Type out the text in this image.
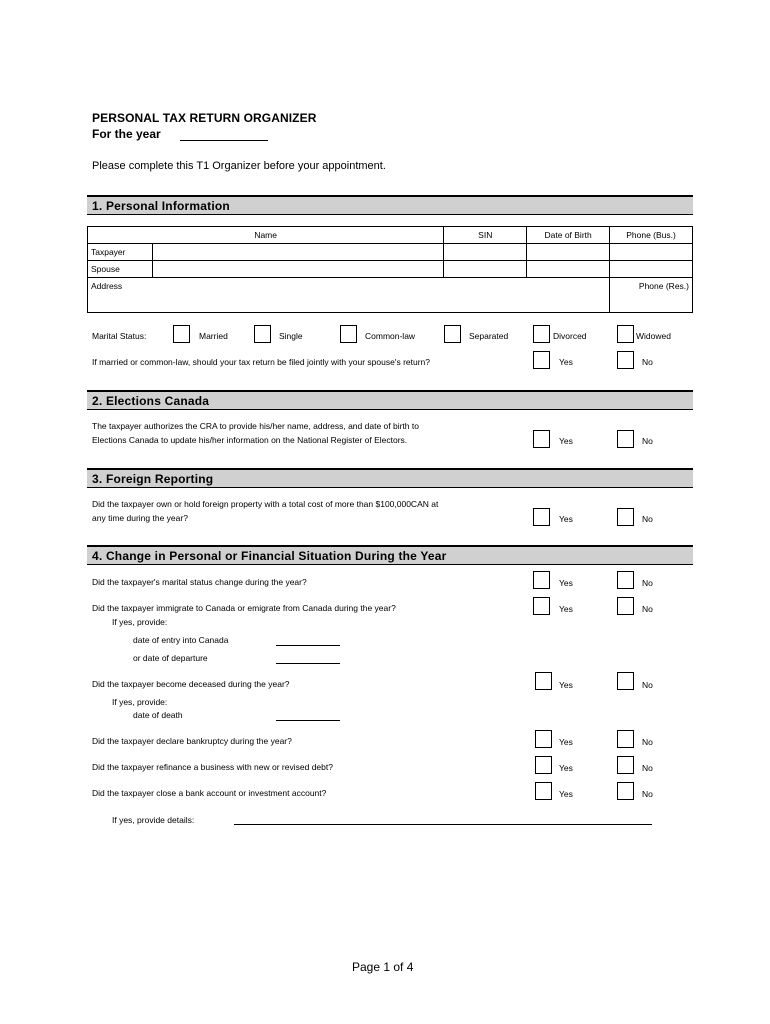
PERSONAL TAX RETURN ORGANIZER
For the year
Please complete this T1 Organizer before your appointment.
1. Personal Information
Name		SIN	Date of Birth	Phone (Bus.)
Taxpayer				
Spouse				
Address				Phone (Res.)
Marital Status:	Married	Single	Common-law	Separated	Divorced	Widowed
If married or common-law, should your tax return be filed jointly with your spouse's return?	Yes	No
2. Elections Canada
The taxpayer authorizes the CRA to provide his/her name, address, and date of birth to
Elections Canada to update his/her information on the National Register of Electors.	Yes	No
3. Foreign Reporting
Did the taxpayer own or hold foreign property with a total cost of more than $100,000CAN at
any time during the year?	Yes	No
4. Change in Personal or Financial Situation During the Year
Did the taxpayer's marital status change during the year?	Yes	No
Did the taxpayer immigrate to Canada or emigrate from Canada during the year?	Yes	No
If yes, provide:
date of entry into Canada
or date of departure
Did the taxpayer become deceased during the year?	Yes	No
If yes, provide:
date of death
Did the taxpayer declare bankruptcy during the year?	Yes	No
Did the taxpayer refinance a business with new or revised debt?	Yes	No
Did the taxpayer close a bank account or investment account?	Yes	No
If yes, provide details:
Page 1 of 4
